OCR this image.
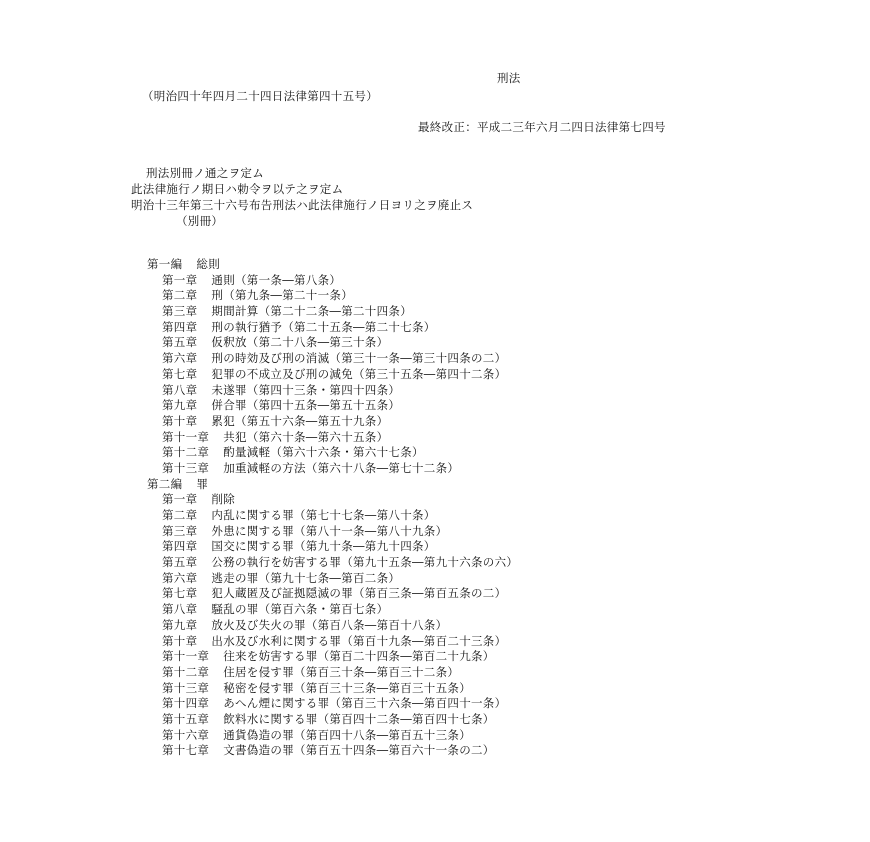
刑法
（明治四十年四月二十四日法律第四十五号）
最終改正：平成二三年六月二四日法律第七四号
刑法別冊ノ通之ヲ定ム
此法律施行ノ期日ハ勅令ヲ以テ之ヲ定ム
明治十三年第三十六号布告刑法ハ此法律施行ノ日ヨリ之ヲ廃止ス
（別冊）
第一編 総則
第一章 通則（第一条―第八条）
第二章 刑（第九条―第二十一条）
第三章 期間計算（第二十二条―第二十四条）
第四章 刑の執行猶予（第二十五条―第二十七条）
第五章 仮釈放（第二十八条―第三十条）
第六章 刑の時効及び刑の消滅（第三十一条―第三十四条の二）
第七章 犯罪の不成立及び刑の減免（第三十五条―第四十二条）
第八章 未遂罪（第四十三条・第四十四条）
第九章 併合罪（第四十五条―第五十五条）
第十章 累犯（第五十六条―第五十九条）
第十一章 共犯（第六十条―第六十五条）
第十二章 酌量減軽（第六十六条・第六十七条）
第十三章 加重減軽の方法（第六十八条―第七十二条）
第二編 罪
第一章 削除
第二章 内乱に関する罪（第七十七条―第八十条）
第三章 外患に関する罪（第八十一条―第八十九条）
第四章 国交に関する罪（第九十条―第九十四条）
第五章 公務の執行を妨害する罪（第九十五条―第九十六条の六）
第六章 逃走の罪（第九十七条―第百二条）
第七章 犯人蔵匿及び証拠隠滅の罪（第百三条―第百五条の二）
第八章 騒乱の罪（第百六条・第百七条）
第九章 放火及び失火の罪（第百八条―第百十八条）
第十章 出水及び水利に関する罪（第百十九条―第百二十三条）
第十一章 往来を妨害する罪（第百二十四条―第百二十九条）
第十二章 住居を侵す罪（第百三十条―第百三十二条）
第十三章 秘密を侵す罪（第百三十三条―第百三十五条）
第十四章 あへん煙に関する罪（第百三十六条―第百四十一条）
第十五章 飲料水に関する罪（第百四十二条―第百四十七条）
第十六章 通貨偽造の罪（第百四十八条―第百五十三条）
第十七章 文書偽造の罪（第百五十四条―第百六十一条の二）
